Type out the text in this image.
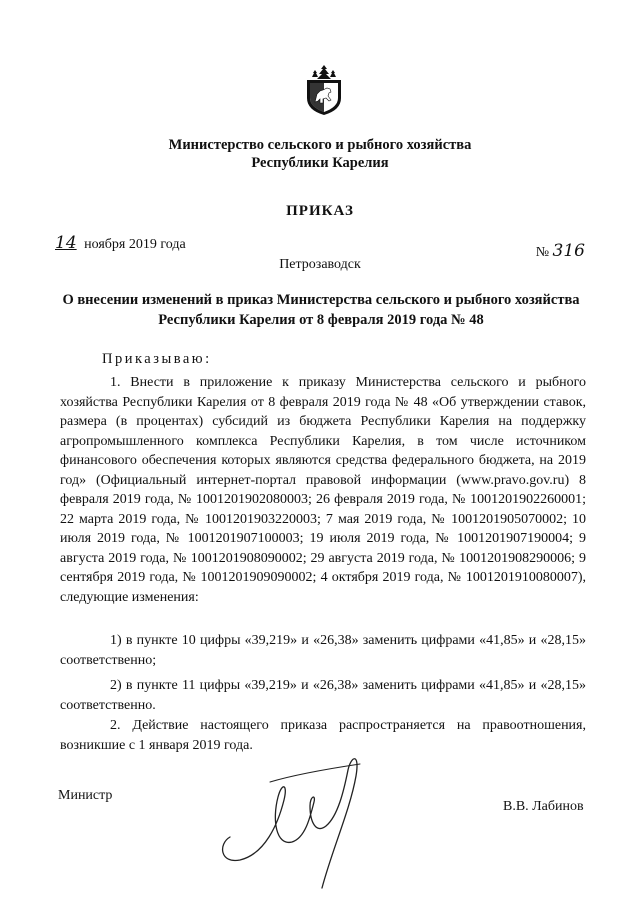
Министерство сельского и рыбного хозяйства
Республики Карелия
ПРИКАЗ
14 ноября 2019 года
№ 316
Петрозаводск
О внесении изменений в приказ Министерства сельского и рыбного хозяйства Республики Карелия от 8 февраля 2019 года № 48
Приказываю:
1. Внести в приложение к приказу Министерства сельского и рыбного хозяйства Республики Карелия от 8 февраля 2019 года № 48 «Об утверждении ставок, размера (в процентах) субсидий из бюджета Республики Карелия на поддержку агропромышленного комплекса Республики Карелия, в том числе источником финансового обеспечения которых являются средства федерального бюджета, на 2019 год» (Официальный интернет-портал правовой информации (www.pravo.gov.ru) 8 февраля 2019 года, № 1001201902080003; 26 февраля 2019 года, № 1001201902260001; 22 марта 2019 года, № 1001201903220003; 7 мая 2019 года, № 1001201905070002; 10 июля 2019 года, № 1001201907100003; 19 июля 2019 года, № 1001201907190004; 9 августа 2019 года, № 1001201908090002; 29 августа 2019 года, № 1001201908290006; 9 сентября 2019 года, № 1001201909090002; 4 октября 2019 года, № 1001201910080007), следующие изменения:
1) в пункте 10 цифры «39,219» и «26,38» заменить цифрами «41,85» и «28,15» соответственно;
2) в пункте 11 цифры «39,219» и «26,38» заменить цифрами «41,85» и «28,15» соответственно.
2. Действие настоящего приказа распространяется на правоотношения, возникшие с 1 января 2019 года.
Министр
В.В. Лабинов
